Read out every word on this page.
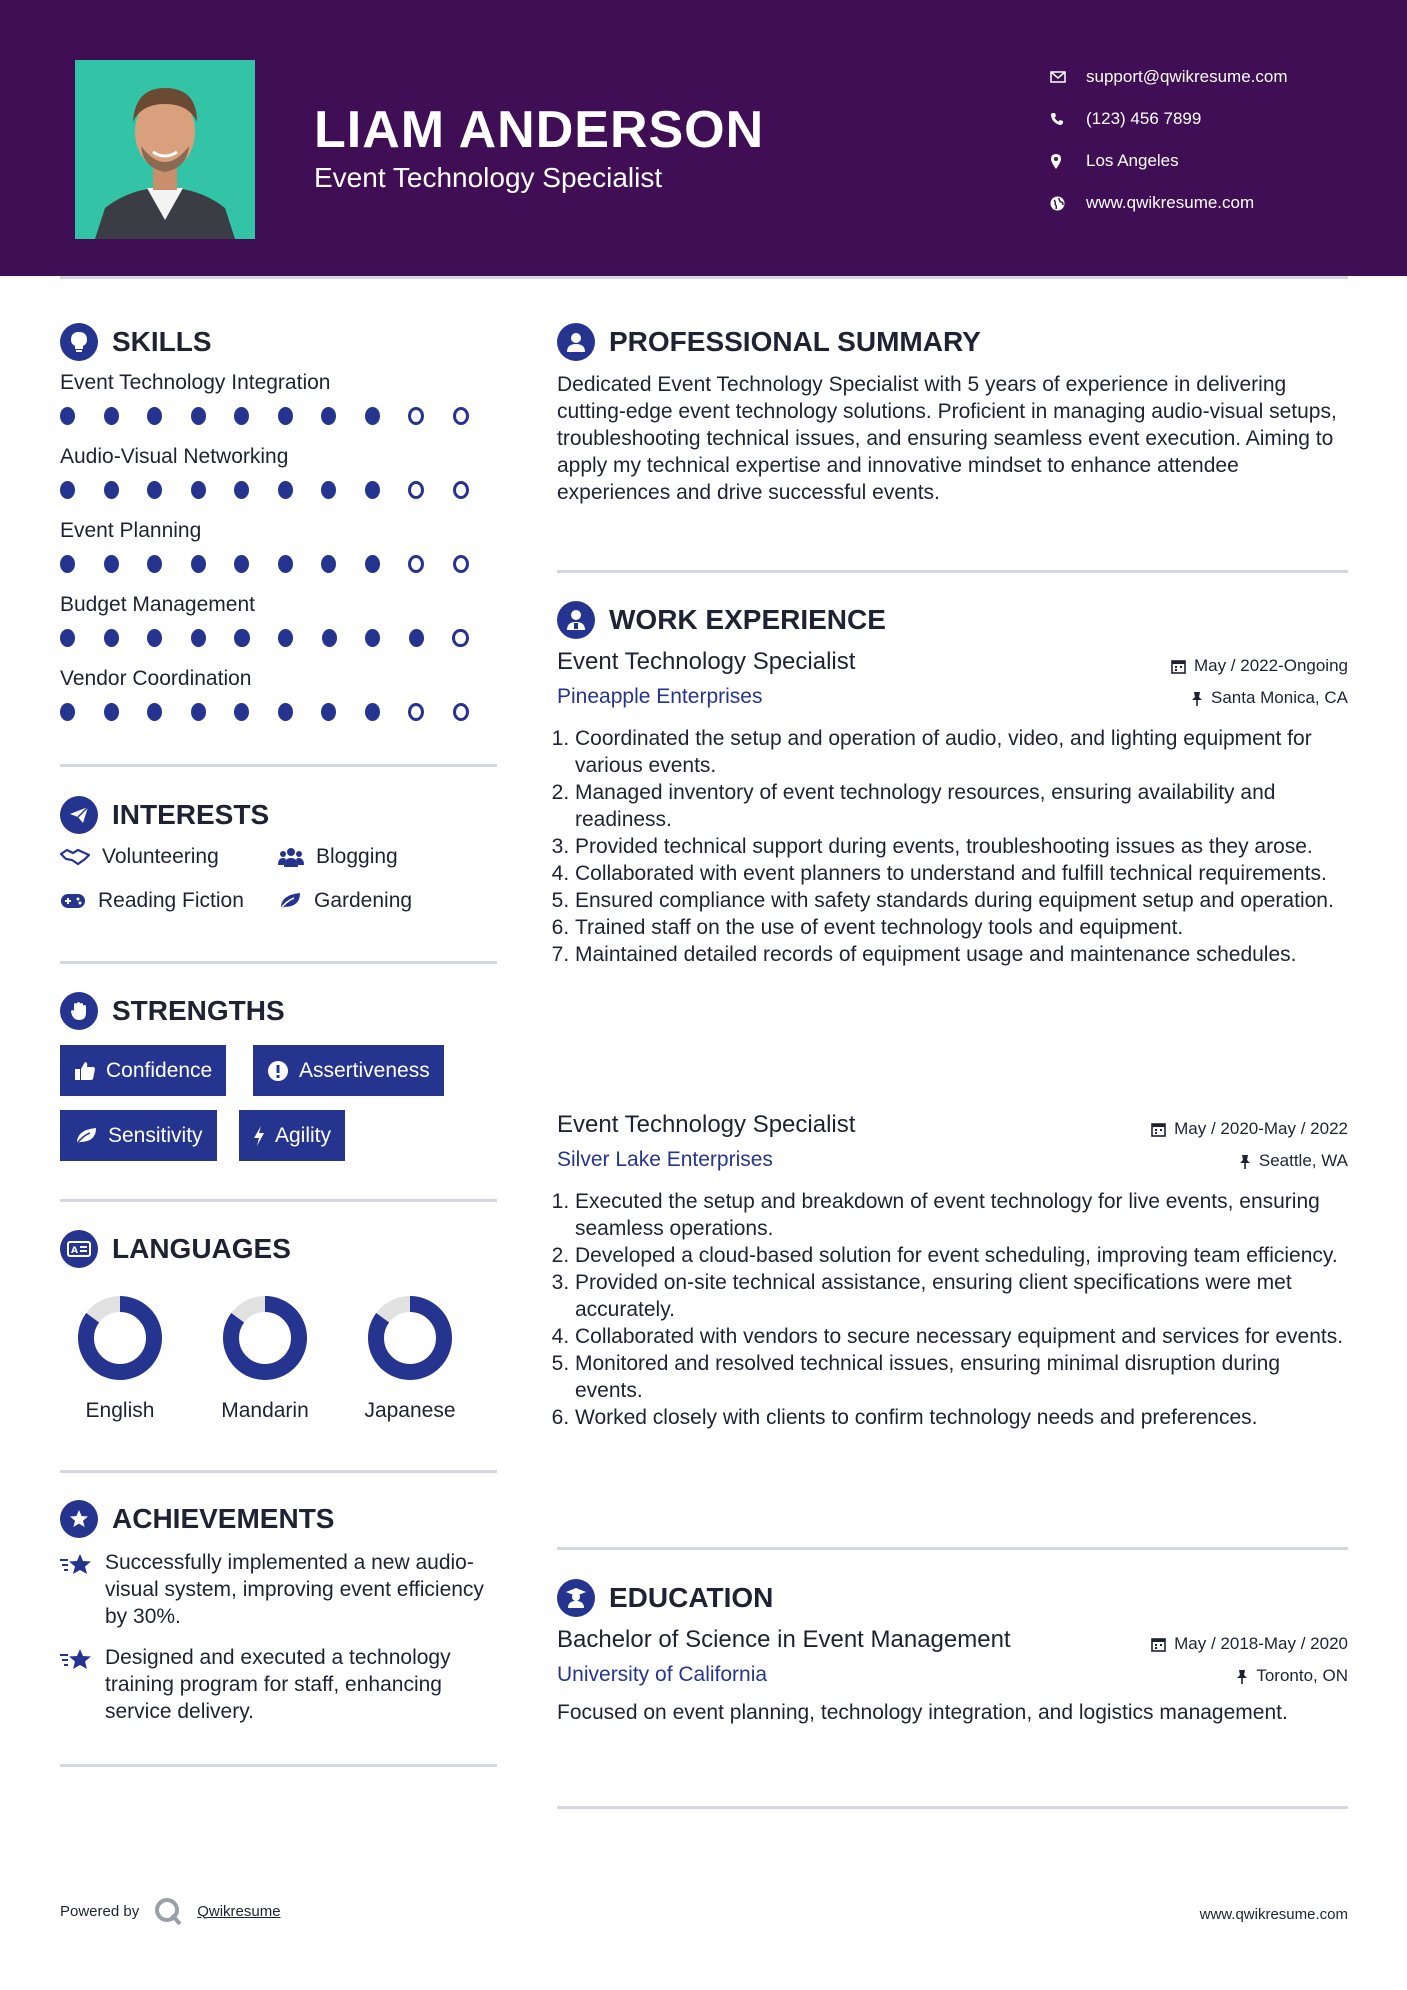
LIAM ANDERSON
Event Technology Specialist
support@qwikresume.com
(123) 456 7899
Los Angeles
www.qwikresume.com
SKILLS
Event Technology Integration
Audio-Visual Networking
Event Planning
Budget Management
Vendor Coordination
INTERESTS
Volunteering	Blogging
Reading Fiction	Gardening
STRENGTHS
Confidence	Assertiveness
Sensitivity	Agility
A LANGUAGES
English	Mandarin	Japanese
ACHIEVEMENTS
Successfully implemented a new audio-visual system, improving event efficiency by 30%.
Designed and executed a technology training program for staff, enhancing service delivery.
PROFESSIONAL SUMMARY
Dedicated Event Technology Specialist with 5 years of experience in delivering cutting-edge event technology solutions. Proficient in managing audio-visual setups, troubleshooting technical issues, and ensuring seamless event execution. Aiming to apply my technical expertise and innovative mindset to enhance attendee experiences and drive successful events.
WORK EXPERIENCE
Event Technology Specialist	May / 2022-Ongoing
Pineapple Enterprises	Santa Monica, CA
1. Coordinated the setup and operation of audio, video, and lighting equipment for various events.
2. Managed inventory of event technology resources, ensuring availability and readiness.
3. Provided technical support during events, troubleshooting issues as they arose.
4. Collaborated with event planners to understand and fulfill technical requirements.
5. Ensured compliance with safety standards during equipment setup and operation.
6. Trained staff on the use of event technology tools and equipment.
7. Maintained detailed records of equipment usage and maintenance schedules.
Event Technology Specialist	May / 2020-May / 2022
Silver Lake Enterprises	Seattle, WA
1. Executed the setup and breakdown of event technology for live events, ensuring seamless operations.
2. Developed a cloud-based solution for event scheduling, improving team efficiency.
3. Provided on-site technical assistance, ensuring client specifications were met accurately.
4. Collaborated with vendors to secure necessary equipment and services for events.
5. Monitored and resolved technical issues, ensuring minimal disruption during events.
6. Worked closely with clients to confirm technology needs and preferences.
EDUCATION
Bachelor of Science in Event Management	May / 2018-May / 2020
University of California	Toronto, ON
Focused on event planning, technology integration, and logistics management.
Powered by	Qwikresume	www.qwikresume.com
